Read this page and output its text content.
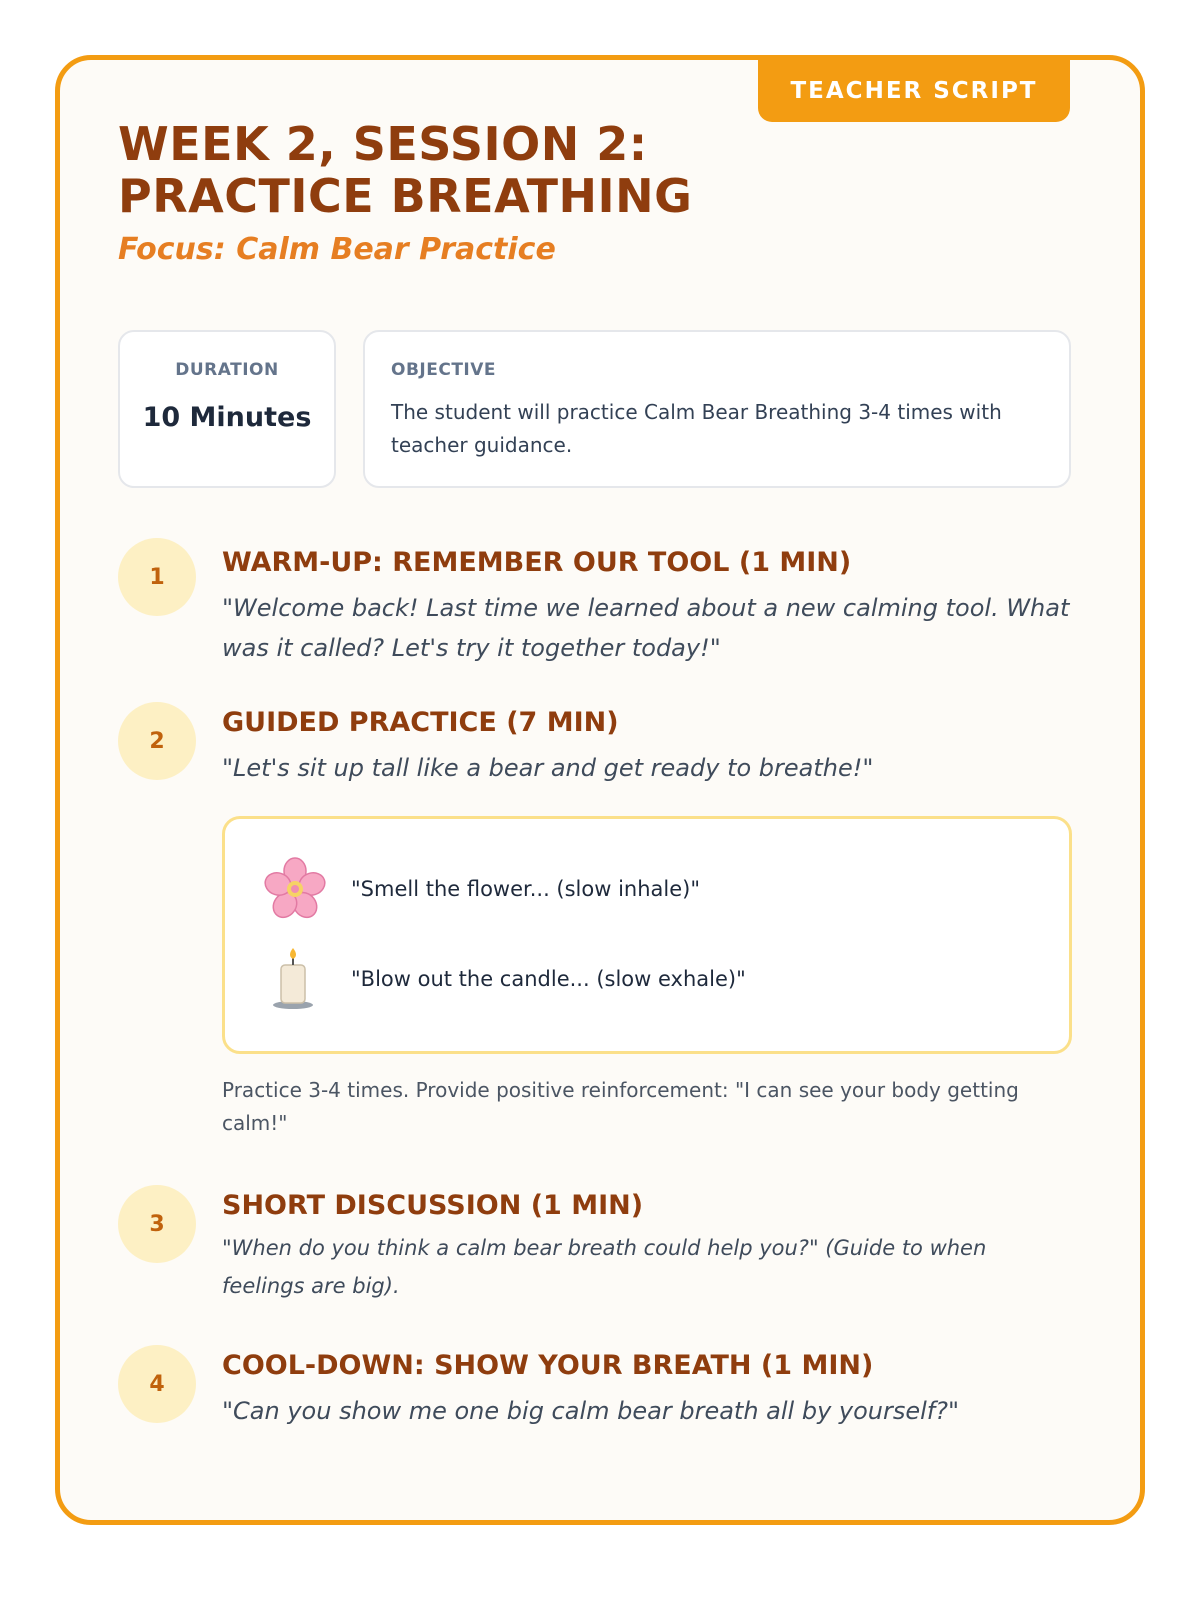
TEACHER SCRIPT
WEEK 2, SESSION 2: PRACTICE BREATHING
Focus: Calm Bear Practice
DURATION
10 Minutes
OBJECTIVE
The student will practice Calm Bear Breathing 3-4 times with teacher guidance.
1	WARM-UP: REMEMBER OUR TOOL (1 MIN)

"Welcome back! Last time we learned about a new calming tool. What was it called? Let's try it together today!"

2
GUIDED PRACTICE (7 MIN)

"Let's sit up tall like a bear and get ready to breathe!"

"Smell the flower... (slow inhale)"
"Blow out the candle... (slow exhale)"
Practice 3-4 times. Provide positive reinforcement: "I can see your body getting calm!"
3
SHORT DISCUSSION (1 MIN)

"When do you think a calm bear breath could help you?" (Guide to when feelings are big).

4
COOL-DOWN: SHOW YOUR BREATH (1 MIN)

"Can you show me one big calm bear breath all by yourself?"
